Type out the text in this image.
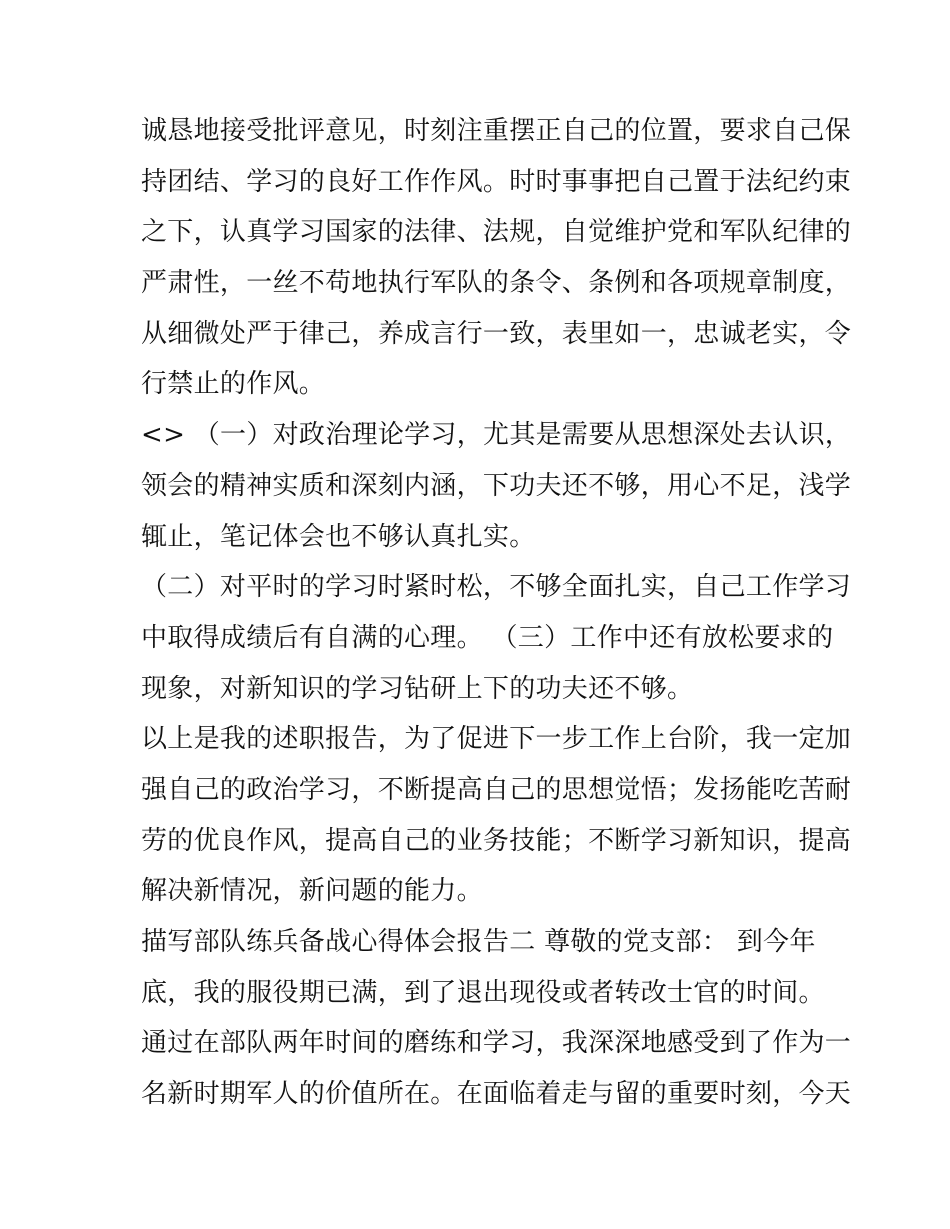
诚恳地接受批评意见，时刻注重摆正自己的位置，要求自己保
持团结、学习的良好工作作风。时时事事把自己置于法纪约束
之下，认真学习国家的法律、法规，自觉维护党和军队纪律的
严肃性，一丝不苟地执行军队的条令、条例和各项规章制度，
从细微处严于律己，养成言行一致，表里如一，忠诚老实，令
行禁止的作风。
<> （一）对政治理论学习，尤其是需要从思想深处去认识，
领会的精神实质和深刻内涵，下功夫还不够，用心不足，浅学
辄止，笔记体会也不够认真扎实。
（二）对平时的学习时紧时松，不够全面扎实，自己工作学习
中取得成绩后有自满的心理。 （三）工作中还有放松要求的
现象，对新知识的学习钻研上下的功夫还不够。
以上是我的述职报告，为了促进下一步工作上台阶，我一定加
强自己的政治学习，不断提高自己的思想觉悟；发扬能吃苦耐
劳的优良作风，提高自己的业务技能；不断学习新知识，提高
解决新情况，新问题的能力。
描写部队练兵备战心得体会报告二 尊敬的党支部： 到今年
底，我的服役期已满，到了退出现役或者转改士官的时间。
通过在部队两年时间的磨练和学习，我深深地感受到了作为一
名新时期军人的价值所在。在面临着走与留的重要时刻，今天
